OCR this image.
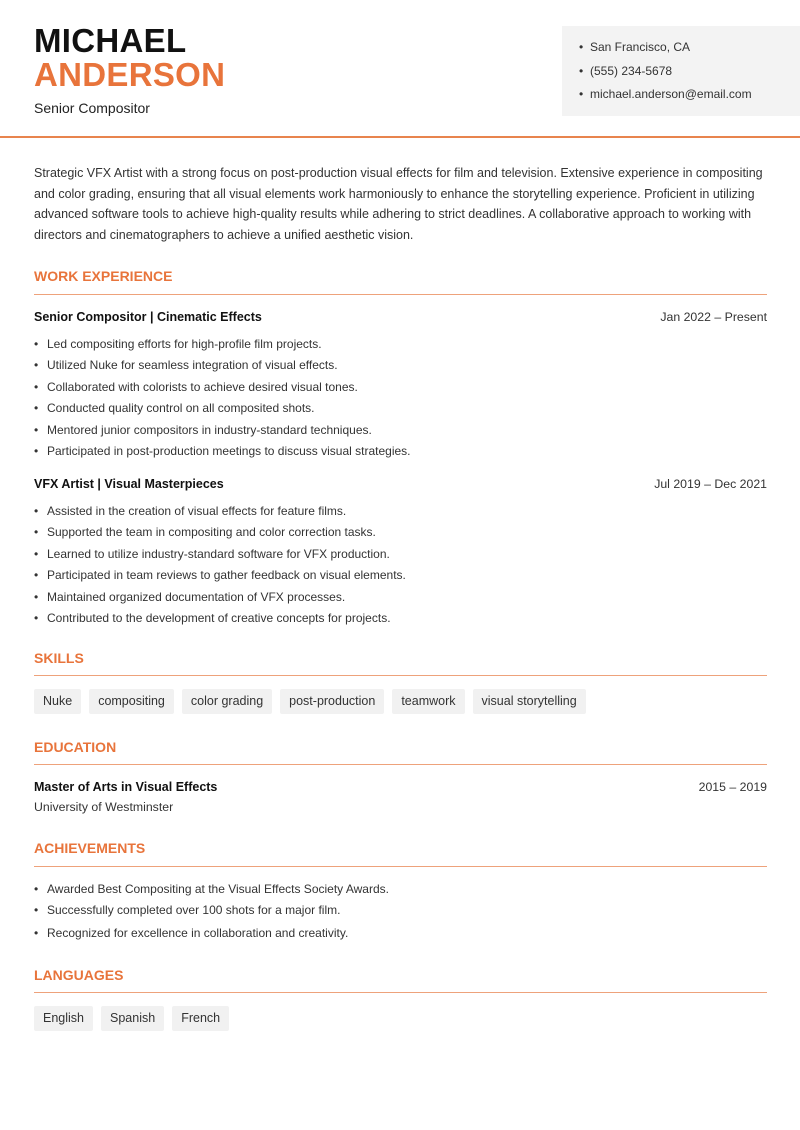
MICHAEL
ANDERSON
Senior Compositor
• San Francisco, CA
• (555) 234-5678
• michael.anderson@email.com

Strategic VFX Artist with a strong focus on post-production visual effects for film and television. Extensive experience in compositing and color grading, ensuring that all visual elements work harmoniously to enhance the storytelling experience. Proficient in utilizing advanced software tools to achieve high-quality results while adhering to strict deadlines. A collaborative approach to working with directors and cinematographers to achieve a unified aesthetic vision.

WORK EXPERIENCE
Senior Compositor | Cinematic Effects	Jan 2022 – Present
• Led compositing efforts for high-profile film projects.
• Utilized Nuke for seamless integration of visual effects.
• Collaborated with colorists to achieve desired visual tones.
• Conducted quality control on all composited shots.
• Mentored junior compositors in industry-standard techniques.
• Participated in post-production meetings to discuss visual strategies.
VFX Artist | Visual Masterpieces	Jul 2019 – Dec 2021
• Assisted in the creation of visual effects for feature films.
• Supported the team in compositing and color correction tasks.
• Learned to utilize industry-standard software for VFX production.
• Participated in team reviews to gather feedback on visual elements.
• Maintained organized documentation of VFX processes.
• Contributed to the development of creative concepts for projects.
SKILLS
Nuke	compositing	color grading	post-production	teamwork	visual storytelling
EDUCATION
Master of Arts in Visual Effects	2015 – 2019
University of Westminster
ACHIEVEMENTS
• Awarded Best Compositing at the Visual Effects Society Awards.
• Successfully completed over 100 shots for a major film.
• Recognized for excellence in collaboration and creativity.
LANGUAGES
English	Spanish	French
